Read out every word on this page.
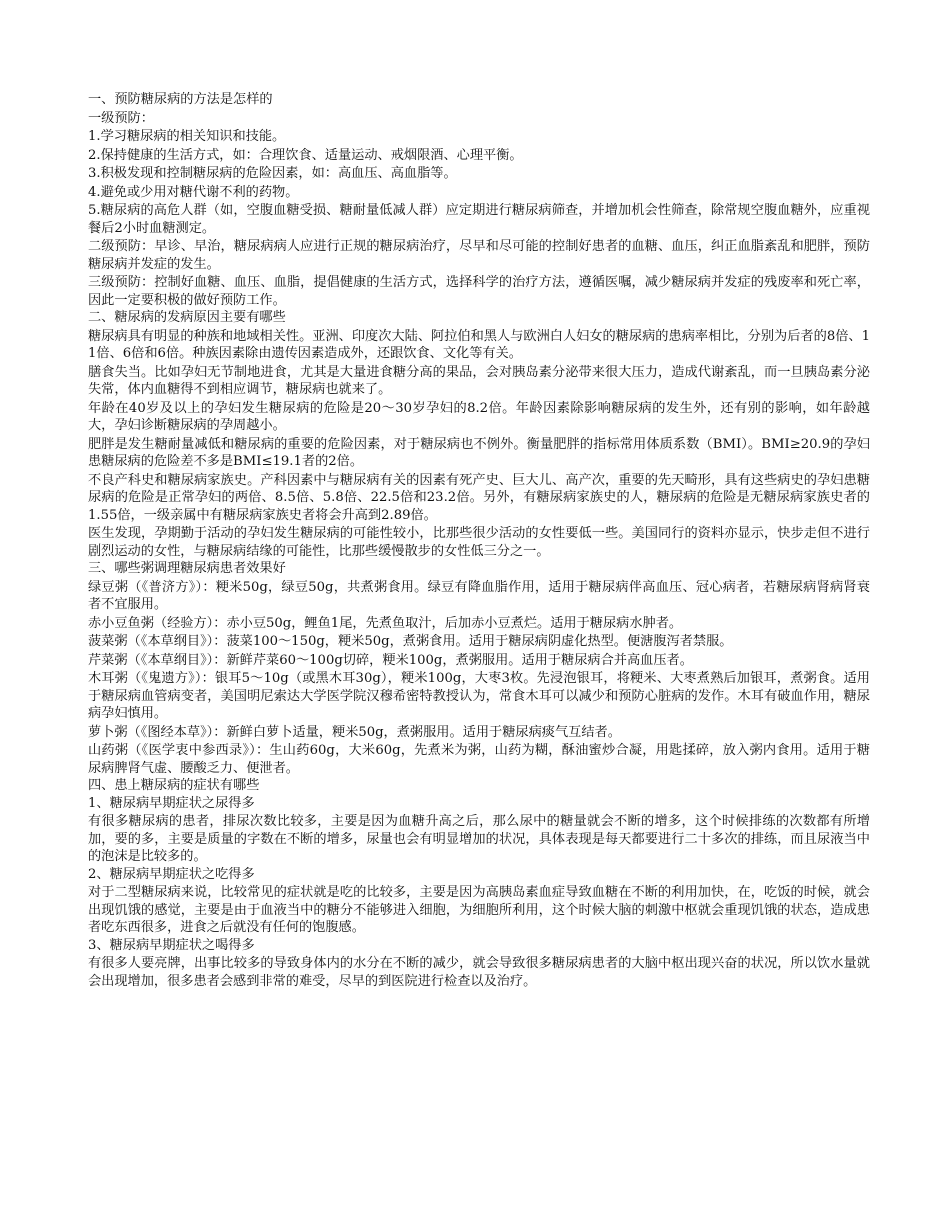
一、预防糖尿病的方法是怎样的

一级预防：

1.学习糖尿病的相关知识和技能。

2.保持健康的生活方式，如：合理饮食、适量运动、戒烟限酒、心理平衡。

3.积极发现和控制糖尿病的危险因素，如：高血压、高血脂等。

4.避免或少用对糖代谢不利的药物。

5.糖尿病的高危人群（如，空腹血糖受损、糖耐量低减人群）应定期进行糖尿病筛查，并增加机会性筛查，除常规空腹血糖外，应重视餐后2小时血糖测定。

二级预防：早诊、早治，糖尿病病人应进行正规的糖尿病治疗，尽早和尽可能的控制好患者的血糖、血压，纠正血脂紊乱和肥胖，预防糖尿病并发症的发生。

三级预防：控制好血糖、血压、血脂，提倡健康的生活方式，选择科学的治疗方法，遵循医嘱，减少糖尿病并发症的残废率和死亡率，因此一定要积极的做好预防工作。

二、糖尿病的发病原因主要有哪些

糖尿病具有明显的种族和地域相关性。亚洲、印度次大陆、阿拉伯和黑人与欧洲白人妇女的糖尿病的患病率相比，分别为后者的8倍、11倍、6倍和6倍。种族因素除由遗传因素造成外，还跟饮食、文化等有关。

膳食失当。比如孕妇无节制地进食，尤其是大量进食糖分高的果品，会对胰岛素分泌带来很大压力，造成代谢紊乱，而一旦胰岛素分泌失常，体内血糖得不到相应调节，糖尿病也就来了。

年龄在40岁及以上的孕妇发生糖尿病的危险是20～30岁孕妇的8.2倍。年龄因素除影响糖尿病的发生外，还有别的影响，如年龄越大，孕妇诊断糖尿病的孕周越小。

肥胖是发生糖耐量减低和糖尿病的重要的危险因素，对于糖尿病也不例外。衡量肥胖的指标常用体质系数（BMI）。BMI≥20.9的孕妇患糖尿病的危险差不多是BMI≤19.1者的2倍。

不良产科史和糖尿病家族史。产科因素中与糖尿病有关的因素有死产史、巨大儿、高产次，重要的先天畸形，具有这些病史的孕妇患糖尿病的危险是正常孕妇的两倍、8.5倍、5.8倍、22.5倍和23.2倍。另外，有糖尿病家族史的人，糖尿病的危险是无糖尿病家族史者的1.55倍，一级亲属中有糖尿病家族史者将会升高到2.89倍。

医生发现，孕期勤于活动的孕妇发生糖尿病的可能性较小，比那些很少活动的女性要低一些。美国同行的资料亦显示，快步走但不进行剧烈运动的女性，与糖尿病结缘的可能性，比那些缓慢散步的女性低三分之一。

三、哪些粥调理糖尿病患者效果好

绿豆粥（《普济方》）：粳米50g，绿豆50g，共煮粥食用。绿豆有降血脂作用，适用于糖尿病伴高血压、冠心病者，若糖尿病肾病肾衰者不宜服用。

赤小豆鱼粥（经验方）：赤小豆50g，鲤鱼1尾，先煮鱼取汁，后加赤小豆煮烂。适用于糖尿病水肿者。

菠菜粥（《本草纲目》）：菠菜100～150g，粳米50g，煮粥食用。适用于糖尿病阴虚化热型。便溏腹泻者禁服。

芹菜粥（《本草纲目》）：新鲜芹菜60～100g切碎，粳米100g，煮粥服用。适用于糖尿病合并高血压者。

木耳粥（《鬼遗方》）：银耳5～10g（或黑木耳30g），粳米100g，大枣3枚。先浸泡银耳，将粳米、大枣煮熟后加银耳，煮粥食。适用于糖尿病血管病变者，美国明尼索达大学医学院汉穆希密特教授认为，常食木耳可以减少和预防心脏病的发作。木耳有破血作用，糖尿病孕妇慎用。

萝卜粥（《图经本草》）：新鲜白萝卜适量，粳米50g，煮粥服用。适用于糖尿病痰气互结者。

山药粥（《医学衷中参西录》）：生山药60g，大米60g，先煮米为粥，山药为糊，酥油蜜炒合凝，用匙揉碎，放入粥内食用。适用于糖尿病脾肾气虚、腰酸乏力、便泄者。

四、患上糖尿病的症状有哪些

1、糖尿病早期症状之尿得多

有很多糖尿病的患者，排尿次数比较多，主要是因为血糖升高之后，那么尿中的糖量就会不断的增多，这个时候排练的次数都有所增加，要的多，主要是质量的字数在不断的增多，尿量也会有明显增加的状况，具体表现是每天都要进行二十多次的排练，而且尿液当中的泡沫是比较多的。

2、糖尿病早期症状之吃得多

对于二型糖尿病来说，比较常见的症状就是吃的比较多，主要是因为高胰岛素血症导致血糖在不断的利用加快，在，吃饭的时候，就会出现饥饿的感觉，主要是由于血液当中的糖分不能够进入细胞，为细胞所利用，这个时候大脑的刺激中枢就会重现饥饿的状态，造成患者吃东西很多，进食之后就没有任何的饱腹感。

3、糖尿病早期症状之喝得多

有很多人要亮牌，出事比较多的导致身体内的水分在不断的减少，就会导致很多糖尿病患者的大脑中枢出现兴奋的状况，所以饮水量就会出现增加，很多患者会感到非常的难受，尽早的到医院进行检查以及治疗。
